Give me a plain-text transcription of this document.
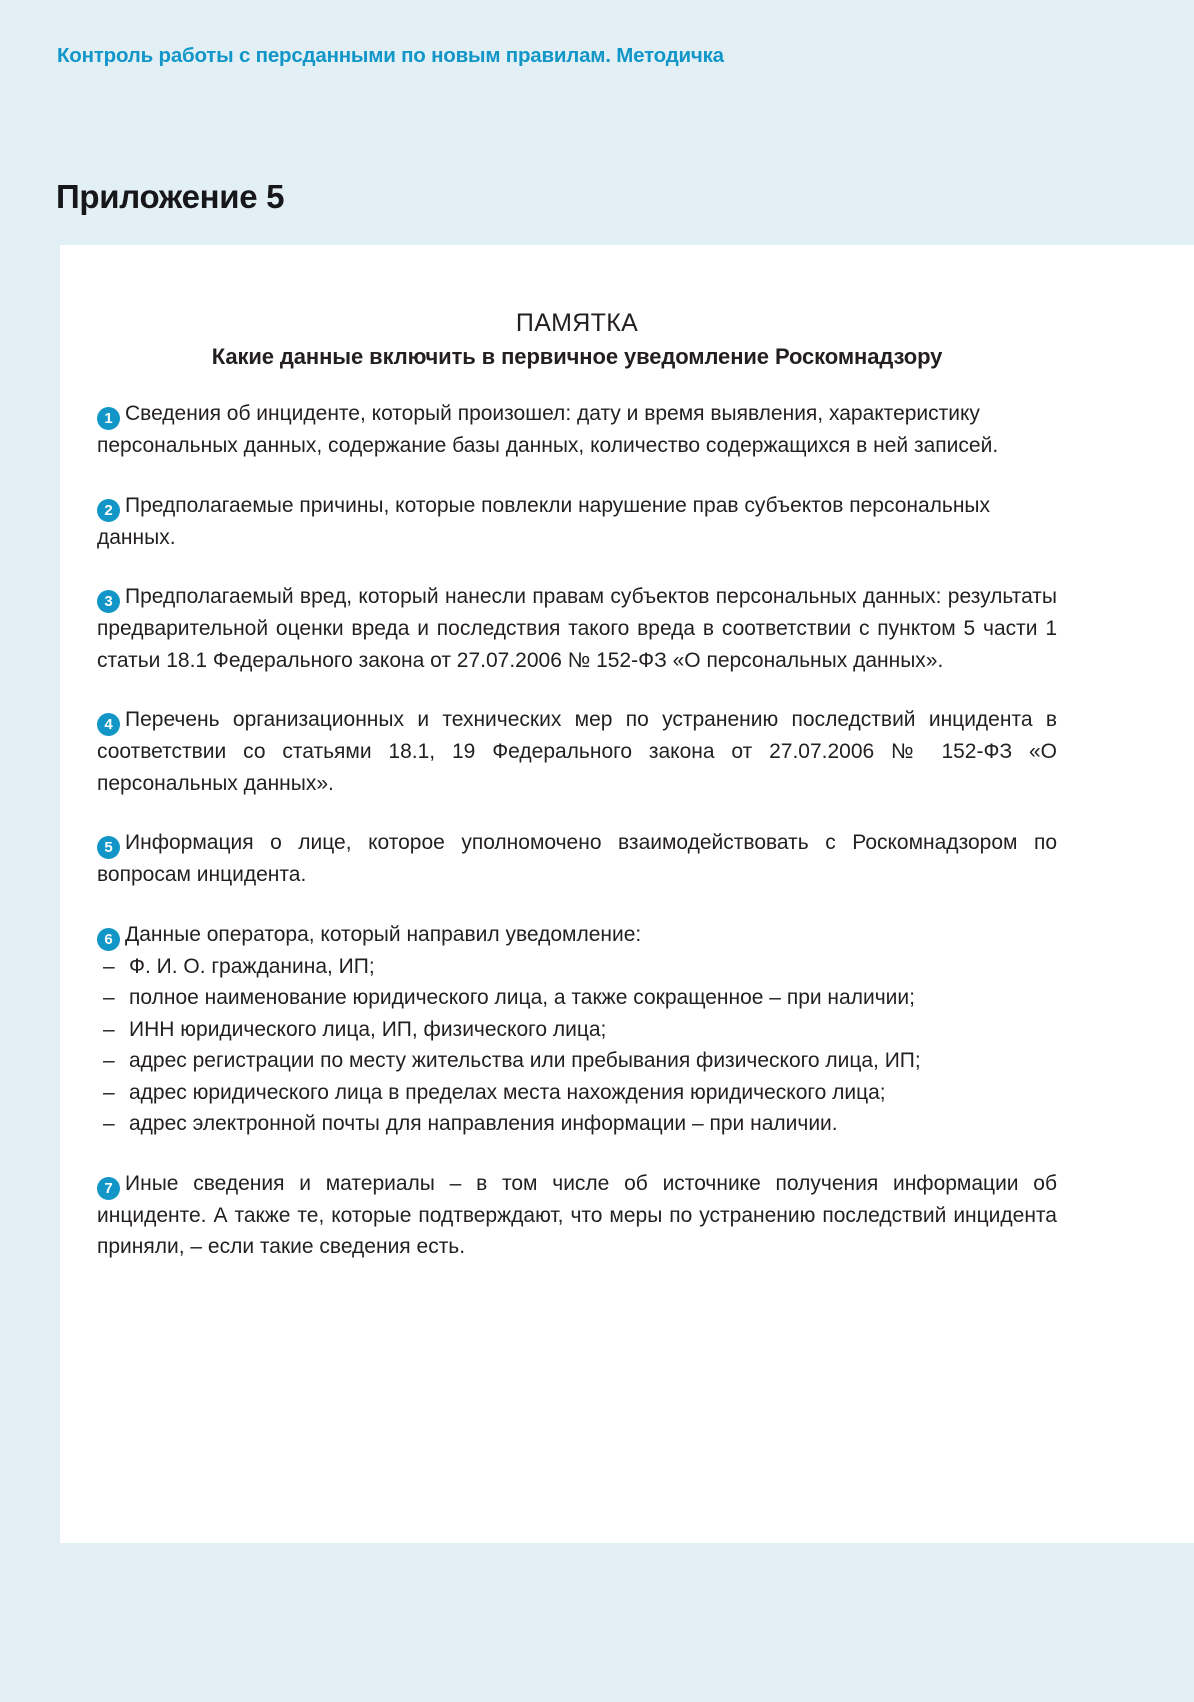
Контроль работы с персданными по новым правилам. Методичка
Приложение 5
ПАМЯТКА
Какие данные включить в первичное уведомление Роскомнадзору

1 Сведения об инциденте, который произошел: дату и время выявления, характеристику персональных данных, содержание базы данных, количество содержащихся в ней записей.

2 Предполагаемые причины, которые повлекли нарушение прав субъектов персональных данных.

3 Предполагаемый вред, который нанесли правам субъектов персональных данных: результаты предварительной оценки вреда и последствия такого вреда в соответствии с пунктом 5 части 1 статьи 18.1 Федерального закона от 27.07.2006 № 152-ФЗ «О персональных данных».

4 Перечень организационных и технических мер по устранению последствий инцидента в соответствии со статьями 18.1, 19 Федерального закона от 27.07.2006 № 152-ФЗ «О персональных данных».

5 Информация о лице, которое уполномочено взаимодействовать с Роскомнадзором по вопросам инцидента.

6 Данные оператора, который направил уведомление:

– Ф. И. О. гражданина, ИП;
– полное наименование юридического лица, а также сокращенное – при наличии;
– ИНН юридического лица, ИП, физического лица;
– адрес регистрации по месту жительства или пребывания физического лица, ИП;
– адрес юридического лица в пределах места нахождения юридического лица;
– адрес электронной почты для направления информации – при наличии.

7 Иные сведения и материалы – в том числе об источнике получения информации об инциденте. А также те, которые подтверждают, что меры по устранению последствий инцидента приняли, – если такие сведения есть.
